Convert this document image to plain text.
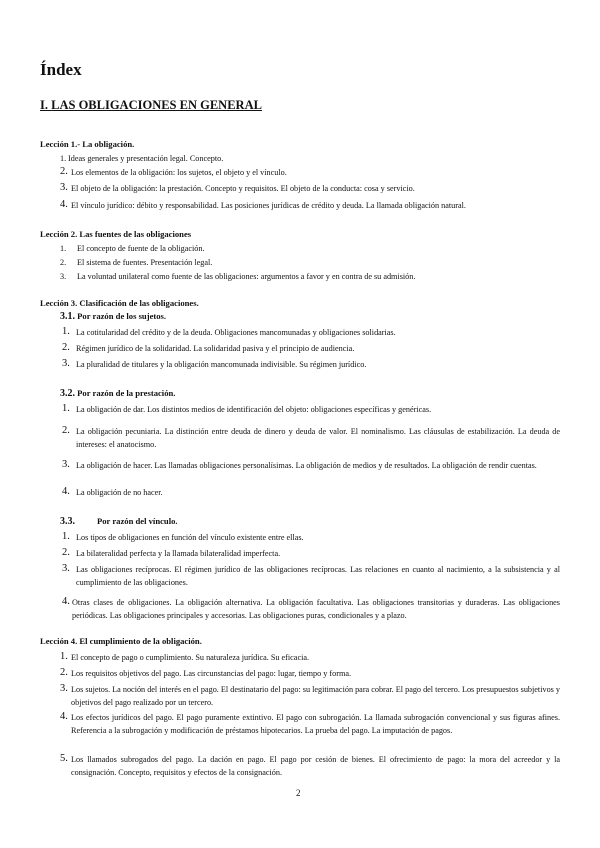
Índex
I. LAS OBLIGACIONES EN GENERAL

Lección 1.- La obligación.

1. Ideas generales y presentación legal. Concepto.
2. Los elementos de la obligación: los sujetos, el objeto y el vínculo.
3. El objeto de la obligación: la prestación. Concepto y requisitos. El objeto de la conducta: cosa y servicio.
4. El vínculo jurídico: débito y responsabilidad. Las posiciones jurídicas de crédito y deuda. La llamada obligación natural.

Lección 2. Las fuentes de las obligaciones

1.	El concepto de fuente de la obligación.
2.	El sistema de fuentes. Presentación legal.
3.	La voluntad unilateral como fuente de las obligaciones: argumentos a favor y en contra de su admisión.

Lección 3. Clasificación de las obligaciones.

3.1. Por razón de los sujetos.

1. La cotitularidad del crédito y de la deuda. Obligaciones mancomunadas y obligaciones solidarias.
2. Régimen jurídico de la solidaridad. La solidaridad pasiva y el principio de audiencia.
3. La pluralidad de titulares y la obligación mancomunada indivisible. Su régimen jurídico.

3.2. Por razón de la prestación.

1. La obligación de dar. Los distintos medios de identificación del objeto: obligaciones específicas y genéricas.
2. La obligación pecuniaria. La distinción entre deuda de dinero y deuda de valor. El nominalismo. Las cláusulas de estabilización. La deuda de intereses: el anatocismo.
3. La obligación de hacer. Las llamadas obligaciones personalísimas. La obligación de medios y de resultados. La obligación de rendir cuentas.
4. La obligación de no hacer.

3.3.	Por razón del vínculo.

1. Los tipos de obligaciones en función del vínculo existente entre ellas.
2. La bilateralidad perfecta y la llamada bilateralidad imperfecta.
3. Las obligaciones recíprocas. El régimen jurídico de las obligaciones recíprocas. Las relaciones en cuanto al nacimiento, a la subsistencia y al cumplimiento de las obligaciones.
4. Otras clases de obligaciones. La obligación alternativa. La obligación facultativa. Las obligaciones transitorias y duraderas. Las obligaciones periódicas. Las obligaciones principales y accesorias. Las obligaciones puras, condicionales y a plazo.

Lección 4. El cumplimiento de la obligación.

1. El concepto de pago o cumplimiento. Su naturaleza jurídica. Su eficacia.
2. Los requisitos objetivos del pago. Las circunstancias del pago: lugar, tiempo y forma.
3. Los sujetos. La noción del interés en el pago. El destinatario del pago: su legitimación para cobrar. El pago del tercero. Los presupuestos subjetivos y objetivos del pago realizado por un tercero.
4. Los efectos jurídicos del pago. El pago puramente extintivo. El pago con subrogación. La llamada subrogación convencional y sus figuras afines. Referencia a la subrogación y modificación de préstamos hipotecarios. La prueba del pago. La imputación de pagos.
5. Los llamados subrogados del pago. La dación en pago. El pago por cesión de bienes. El ofrecimiento de pago: la mora del acreedor y la consignación. Concepto, requisitos y efectos de la consignación.

2
